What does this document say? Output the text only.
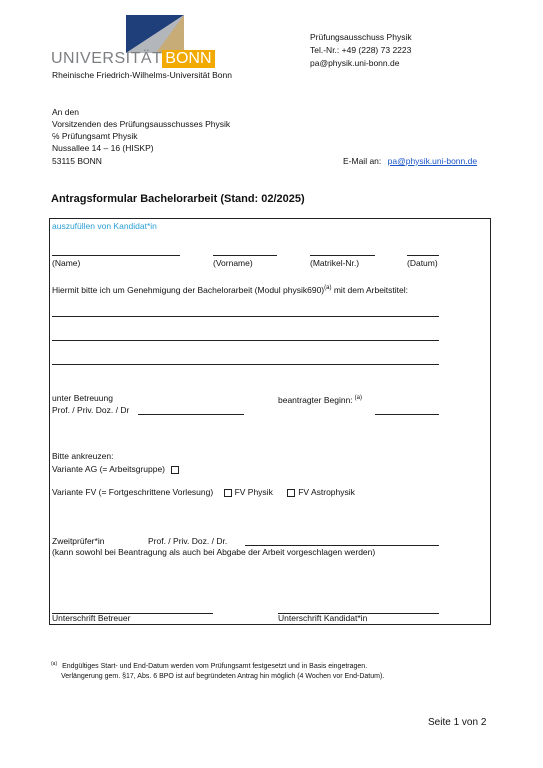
UNIVERSITÄT BONN
Rheinische Friedrich-Wilhelms-Universität Bonn
Prüfungsausschuss Physik
Tel.-Nr.: +49 (228) 73 2223
pa@physik.uni-bonn.de
An den
Vorsitzenden des Prüfungsausschusses Physik
℅ Prüfungsamt Physik
Nussallee 14 – 16 (HISKP)
53115 BONN	E-Mail an: pa@physik.uni-bonn.de
Antragsformular Bachelorarbeit (Stand: 02/2025)
auszufüllen von Kandidat*in
(Name)	(Vorname)	(Matrikel-Nr.)	(Datum)
Hiermit bitte ich um Genehmigung der Bachelorarbeit (Modul physik690)$^{(a)}$ mit dem Arbeitstitel:
unter Betreuung
Prof. / Priv. Doz. / Dr
beantragter Beginn: $^{(a)}$
Bitte ankreuzen:
Variante AG (= Arbeitsgruppe)
Variante FV (= Fortgeschrittene Vorlesung)	FV Physik	FV Astrophysik
Zweitprüfer*in	Prof. / Priv. Doz. / Dr.
(kann sowohl bei Beantragung als auch bei Abgabe der Arbeit vorgeschlagen werden)
Unterschrift Betreuer	Unterschrift Kandidat*in
$^{(a)}$ Endgültiges Start- und End-Datum werden vom Prüfungsamt festgesetzt und in Basis eingetragen.
Verlängerung gem. §17, Abs. 6 BPO ist auf begründeten Antrag hin möglich (4 Wochen vor End-Datum).
Seite 1 von 2
